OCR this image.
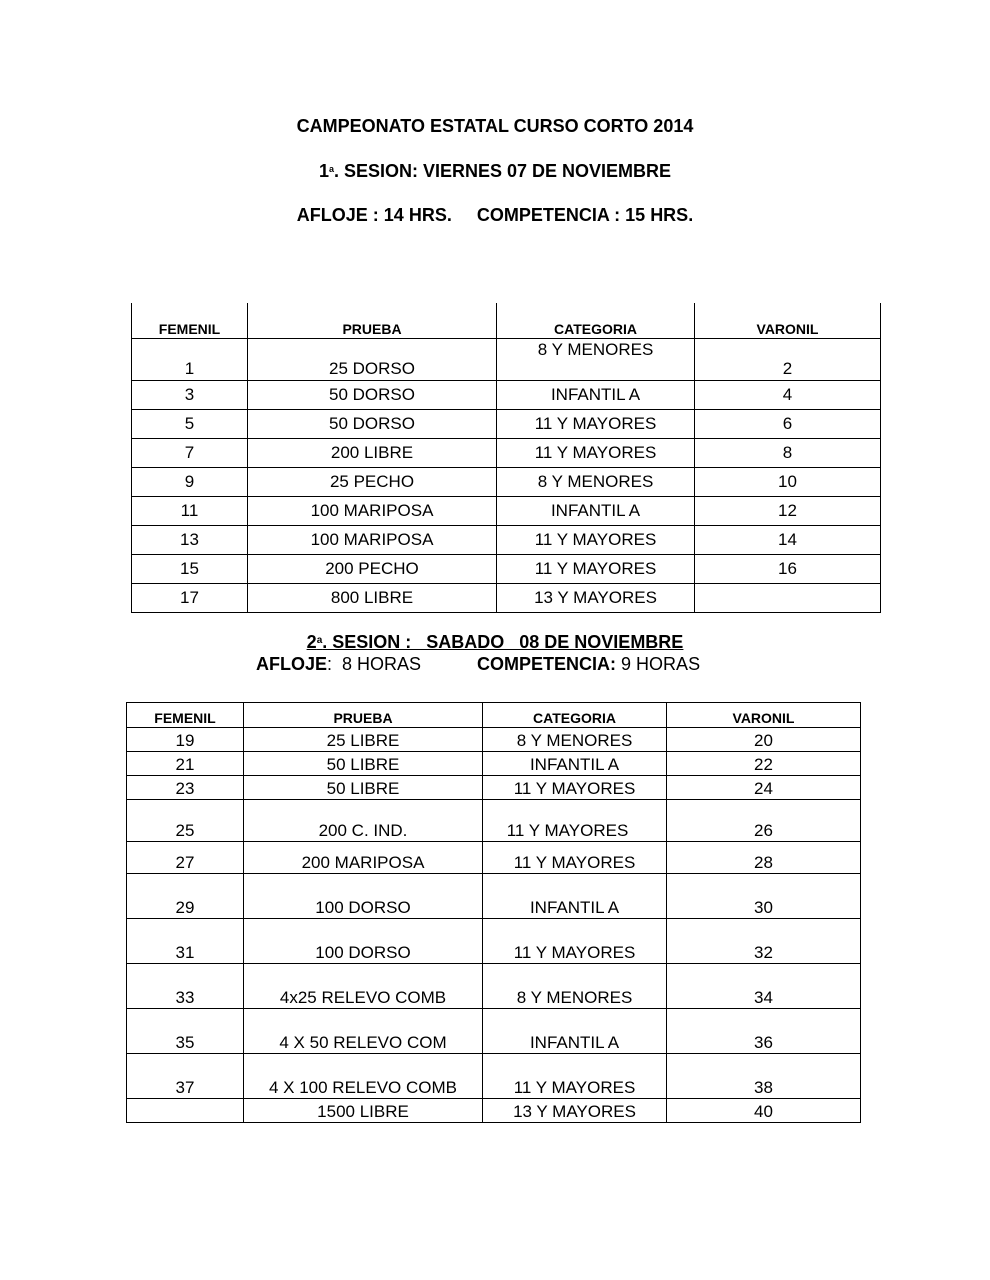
CAMPEONATO ESTATAL CURSO CORTO 2014
1$^a$. SESION: VIERNES 07 DE NOVIEMBRE
AFLOJE : 14 HRS.     COMPETENCIA : 15 HRS.
FEMENIL	PRUEBA	CATEGORIA	VARONIL
1	25 DORSO	8 Y MENORES	2
3	50 DORSO	INFANTIL A	4
5	50 DORSO	11 Y MAYORES	6
7	200 LIBRE	11 Y MAYORES	8
9	25 PECHO	8 Y MENORES	10
11	100 MARIPOSA	INFANTIL A	12
13	100 MARIPOSA	11 Y MAYORES	14
15	200 PECHO	11 Y MAYORES	16
17	800 LIBRE	13 Y MAYORES	
2$^a$. SESION :   SABADO   08 DE NOVIEMBRE
AFLOJE:  8 HORAS	COMPETENCIA: 9 HORAS
FEMENIL	PRUEBA	CATEGORIA	VARONIL
19	25 LIBRE	8 Y MENORES	20
21	50 LIBRE	INFANTIL A	22
23	50 LIBRE	11 Y MAYORES	24
25	200 C. IND.	11 Y MAYORES	26
27	200 MARIPOSA	11 Y MAYORES	28
29	100 DORSO	INFANTIL A	30
31	100 DORSO	11 Y MAYORES	32
33	4x25 RELEVO COMB	8 Y MENORES	34
35	4 X 50 RELEVO COM	INFANTIL A	36
37	4 X 100 RELEVO COMB	11 Y MAYORES	38
	1500 LIBRE	13 Y MAYORES	40
